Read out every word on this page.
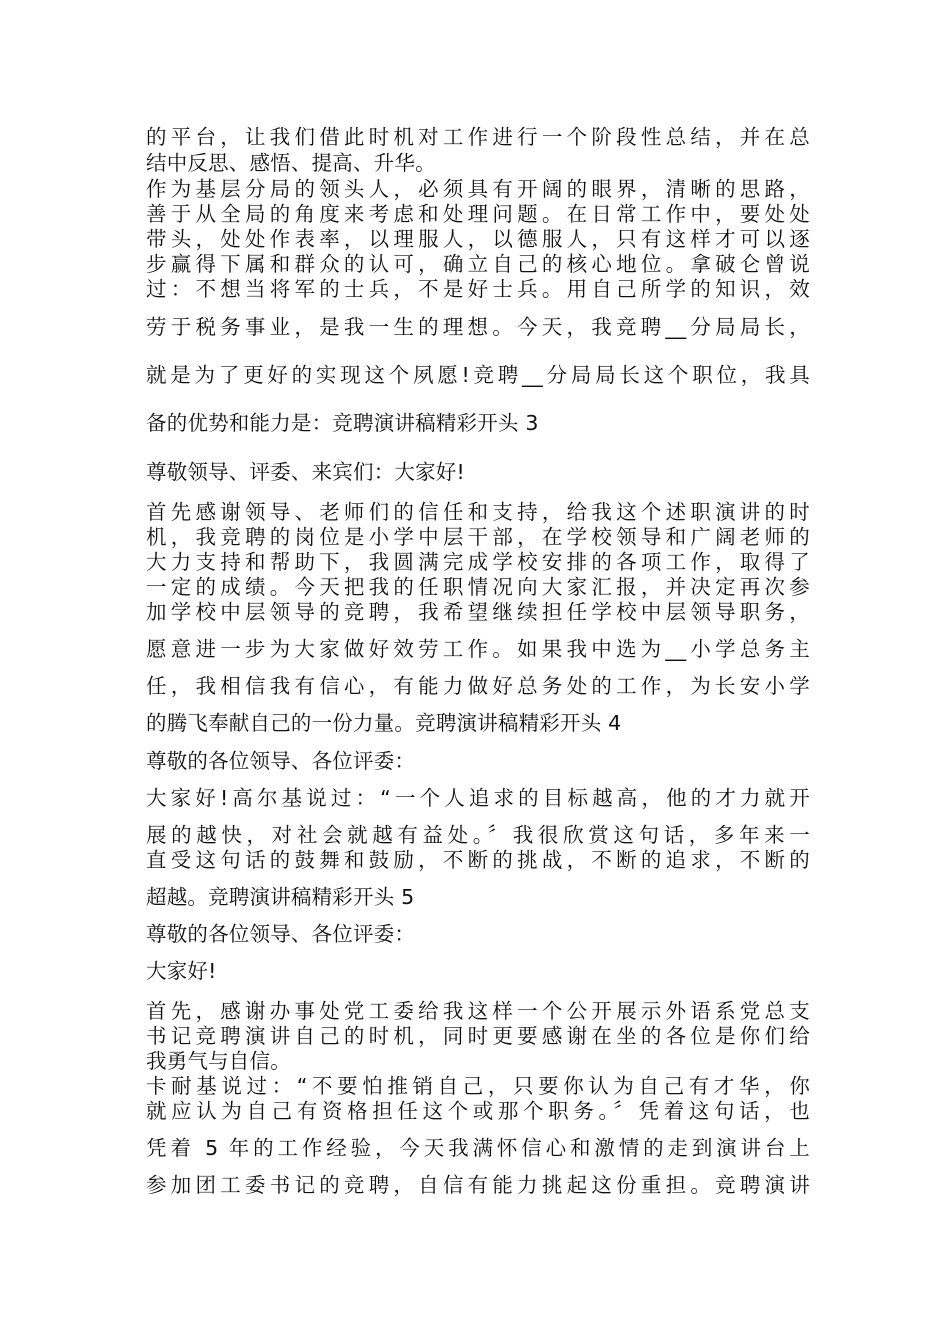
的平台，让我们借此时机对工作进行一个阶段性总结，并在总
结中反思、感悟、提高、升华。
作为基层分局的领头人，必须具有开阔的眼界，清晰的思路，
善于从全局的角度来考虑和处理问题。在日常工作中，要处处
带头，处处作表率，以理服人，以德服人，只有这样才可以逐
步赢得下属和群众的认可，确立自己的核心地位。拿破仑曾说
过：不想当将军的士兵，不是好士兵。用自己所学的知识，效
劳于税务事业，是我一生的理想。今天，我竞聘__分局局长，
就是为了更好的实现这个夙愿!竞聘__分局局长这个职位，我具
备的优势和能力是：竞聘演讲稿精彩开头 3
尊敬领导、评委、来宾们：大家好!
首先感谢领导、老师们的信任和支持，给我这个述职演讲的时
机，我竞聘的岗位是小学中层干部，在学校领导和广阔老师的
大力支持和帮助下，我圆满完成学校安排的各项工作，取得了
一定的成绩。今天把我的任职情况向大家汇报，并决定再次参
加学校中层领导的竞聘，我希望继续担任学校中层领导职务，
愿意进一步为大家做好效劳工作。如果我中选为__小学总务主
任，我相信我有信心，有能力做好总务处的工作，为长安小学
的腾飞奉献自己的一份力量。竞聘演讲稿精彩开头 4
尊敬的各位领导、各位评委：
大家好!高尔基说过：“一个人追求的目标越高，他的才力就开
展的越快，对社会就越有益处。〞我很欣赏这句话，多年来一
直受这句话的鼓舞和鼓励，不断的挑战，不断的追求，不断的
超越。竞聘演讲稿精彩开头 5
尊敬的各位领导、各位评委：
大家好!
首先，感谢办事处党工委给我这样一个公开展示外语系党总支
书记竞聘演讲自己的时机，同时更要感谢在坐的各位是你们给
我勇气与自信。
卡耐基说过：“不要怕推销自己，只要你认为自己有才华，你
就应认为自己有资格担任这个或那个职务。〞凭着这句话，也
凭着 5 年的工作经验，今天我满怀信心和激情的走到演讲台上
参加团工委书记的竞聘，自信有能力挑起这份重担。竞聘演讲
